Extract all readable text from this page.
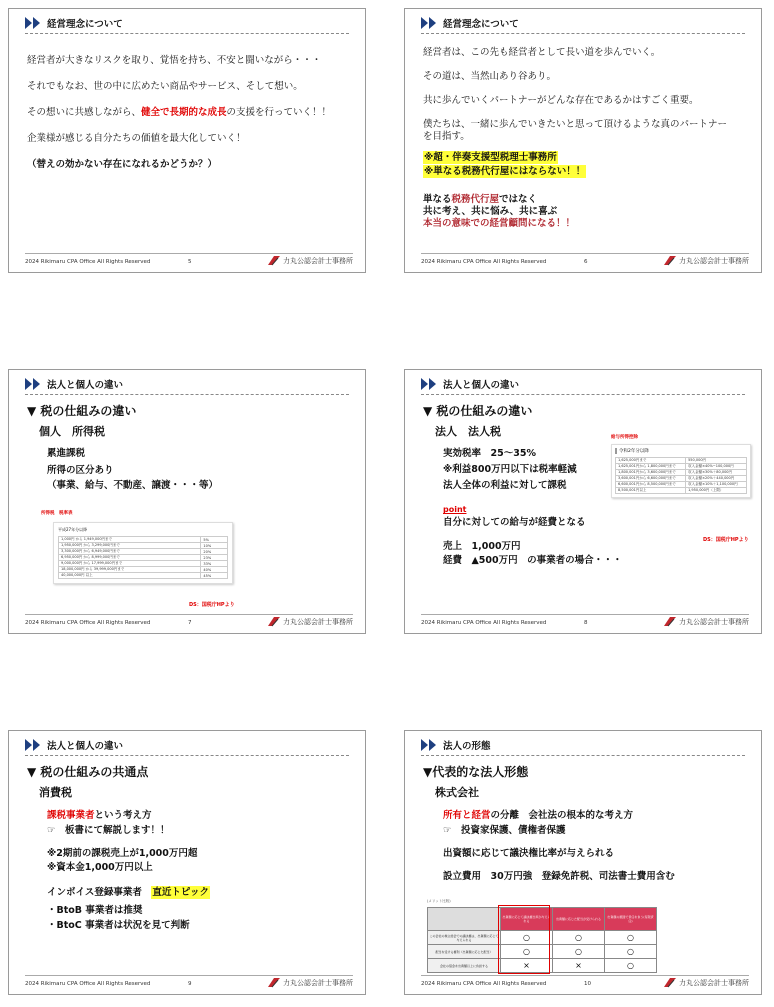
経営理念について
経営者が大きなリスクを取り、覚悟を持ち、不安と闘いながら・・・
それでもなお、世の中に広めたい商品やサービス、そして想い。
その想いに共感しながら、健全で長期的な成長の支援を行っていく！！
企業様が感じる自分たちの価値を最大化していく！
（替えの効かない存在になれるかどうか？）
2024 Rikimaru CPA Office All Rights Reserved	5	力丸公認会計士事務所
経営理念について
経営者は、この先も経営者として長い道を歩んでいく。
その道は、当然山あり谷あり。
共に歩んでいくパートナーがどんな存在であるかはすごく重要。
僕たちは、一緒に歩んでいきたいと思って頂けるような真のパートナー
を目指す。
※超・伴奏支援型税理士事務所
※単なる税務代行屋にはならない！！
単なる税務代行屋ではなく
共に考え、共に悩み、共に喜ぶ
本当の意味での経営顧問になる！！
2024 Rikimaru CPA Office All Rights Reserved	6	力丸公認会計士事務所
法人と個人の違い
▼ 税の仕組みの違い
個人　所得税
累進課税
所得の区分あり
（事業、給与、不動産、譲渡・・・等）
所得税　税率表
平成27年分以降
1,000円 から 1,949,000円まで	5%
1,950,000円 から 3,299,000円まで	10%
3,300,000円 から 6,949,000円まで	20%
6,950,000円 から 8,999,000円まで	23%
9,000,000円 から 17,999,000円まで	33%
18,000,000円 から 39,999,000円まで	40%
40,000,000円 以上	45%
DS：国税庁HPより
2024 Rikimaru CPA Office All Rights Reserved	7	力丸公認会計士事務所
法人と個人の違い
▼ 税の仕組みの違い
法人　法人税
実効税率　25～35%
※利益800万円以下は税率軽減
法人全体の利益に対して課税
point
自分に対しての給与が経費となる
売上　1,000万円
経費　▲500万円　の事業者の場合・・・
給与所得控除
令和2年分以降
1,625,000円まで	550,000円
1,625,001円から 1,800,000円まで	収入金額×40%−100,000円
1,800,001円から 3,600,000円まで	収入金額×30%＋80,000円
3,600,001円から 6,600,000円まで	収入金額×20%＋440,000円
6,600,001円から 8,500,000円まで	収入金額×10%＋1,100,000円
8,500,001円以上	1,950,000円（上限）
DS：国税庁HPより
2024 Rikimaru CPA Office All Rights Reserved	8	力丸公認会計士事務所
法人と個人の違い
▼ 税の仕組みの共通点
消費税
課税事業者という考え方
☞　板書にて解説します！！
※2期前の課税売上が1,000万円超
※資本金1,000万円以上
インボイス登録事業者　 直近トピック
・BtoB 事業者は推奨
・BtoC 事業者は状況を見て判断
2024 Rikimaru CPA Office All Rights Reserved	9	力丸公認会計士事務所
法人の形態
▼代表的な法人形態
株式会社
所有と経営の分離　会社法の根本的な考え方
☞　投資家保護、債権者保護
出資額に応じて議決権比率が与えられる
設立費用　30万円強　登録免許税、司法書士費用含む
(メリット比較)
	出資額に応じて議決権比率が与えられる	出資額に応じた配当が受けられる	出資額の範囲で責任を負う(有限責任)
この会社の株主総会での議決権は、出資額に応じて与えられる	○	○	○
配当を受ける権利（出資額に応じた配当）	○	○	○
会社の借金を出資額以上に負担する	×	×	○
2024 Rikimaru CPA Office All Rights Reserved	10	力丸公認会計士事務所
